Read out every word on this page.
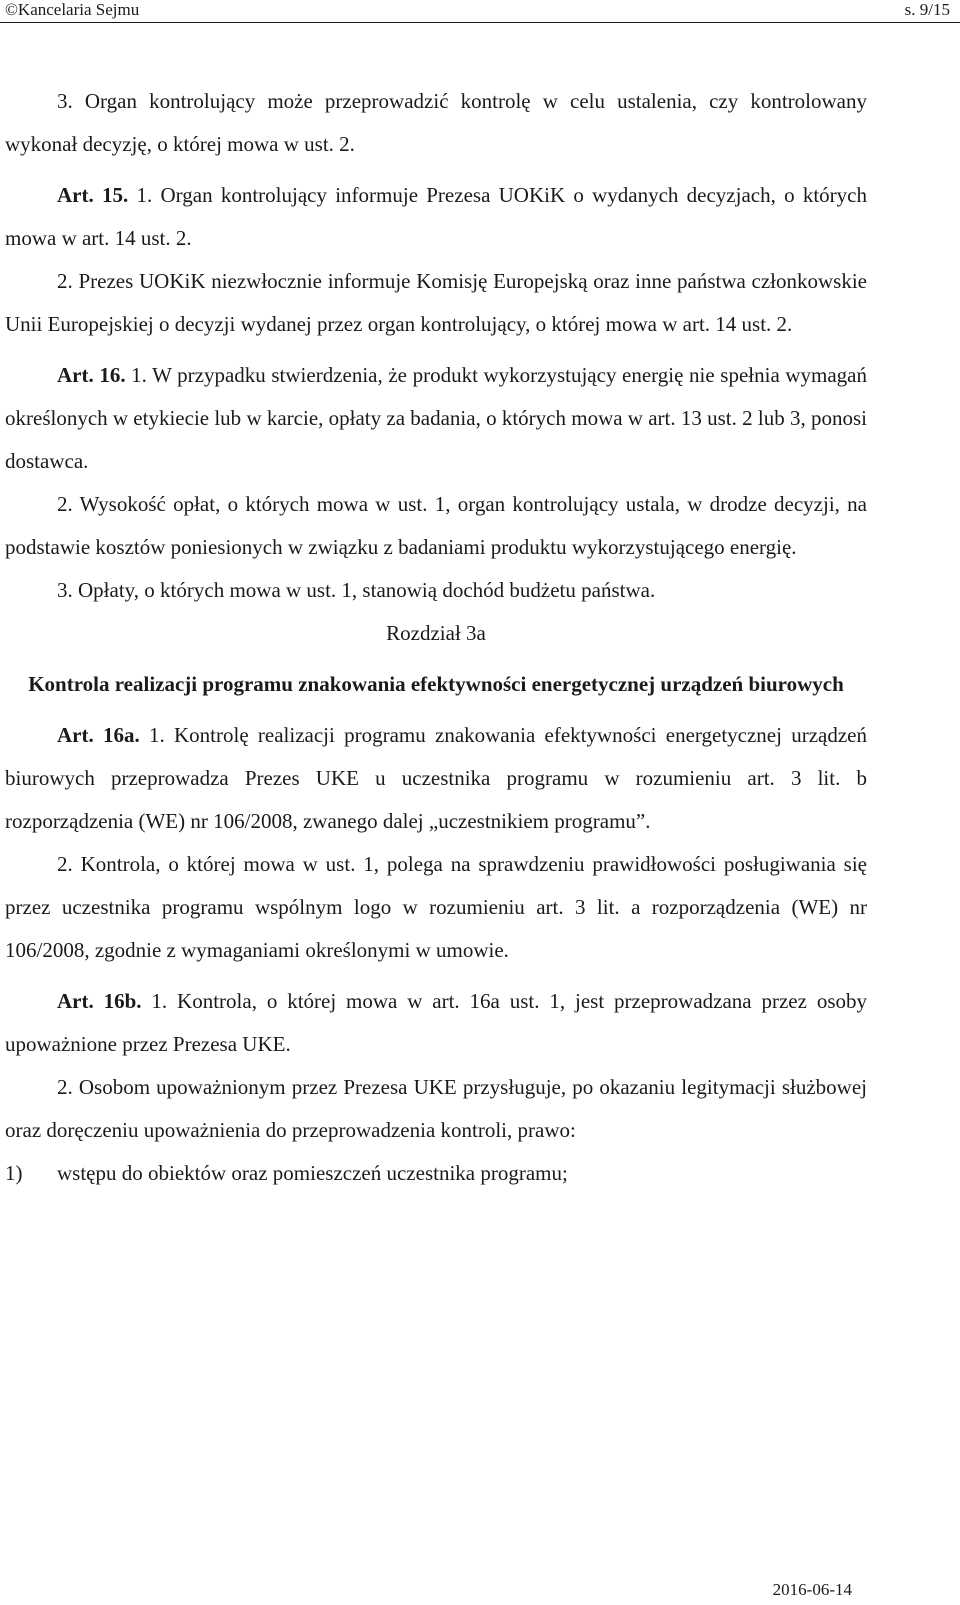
©Kancelaria Sejmu	s. 9/15

3. Organ kontrolujący może przeprowadzić kontrolę w celu ustalenia, czy kontrolowany wykonał decyzję, o której mowa w ust. 2.

Art. 15. 1. Organ kontrolujący informuje Prezesa UOKiK o wydanych decyzjach, o których mowa w art. 14 ust. 2.

2. Prezes UOKiK niezwłocznie informuje Komisję Europejską oraz inne państwa członkowskie Unii Europejskiej o decyzji wydanej przez organ kontrolujący, o której mowa w art. 14 ust. 2.

Art. 16. 1. W przypadku stwierdzenia, że produkt wykorzystujący energię nie spełnia wymagań określonych w etykiecie lub w karcie, opłaty za badania, o których mowa w art. 13 ust. 2 lub 3, ponosi dostawca.

2. Wysokość opłat, o których mowa w ust. 1, organ kontrolujący ustala, w drodze decyzji, na podstawie kosztów poniesionych w związku z badaniami produktu wykorzystującego energię.

3. Opłaty, o których mowa w ust. 1, stanowią dochód budżetu państwa.

Rozdział 3a

Kontrola realizacji programu znakowania efektywności energetycznej urządzeń biurowych

Art. 16a. 1. Kontrolę realizacji programu znakowania efektywności energetycznej urządzeń biurowych przeprowadza Prezes UKE u uczestnika programu w rozumieniu art. 3 lit. b rozporządzenia (WE) nr 106/2008, zwanego dalej „uczestnikiem programu”.

2. Kontrola, o której mowa w ust. 1, polega na sprawdzeniu prawidłowości posługiwania się przez uczestnika programu wspólnym logo w rozumieniu art. 3 lit. a rozporządzenia (WE) nr 106/2008, zgodnie z wymaganiami określonymi w umowie.

Art. 16b. 1. Kontrola, o której mowa w art. 16a ust. 1, jest przeprowadzana przez osoby upoważnione przez Prezesa UKE.

2. Osobom upoważnionym przez Prezesa UKE przysługuje, po okazaniu legitymacji służbowej oraz doręczeniu upoważnienia do przeprowadzenia kontroli, prawo:

1) wstępu do obiektów oraz pomieszczeń uczestnika programu;

2016-06-14
